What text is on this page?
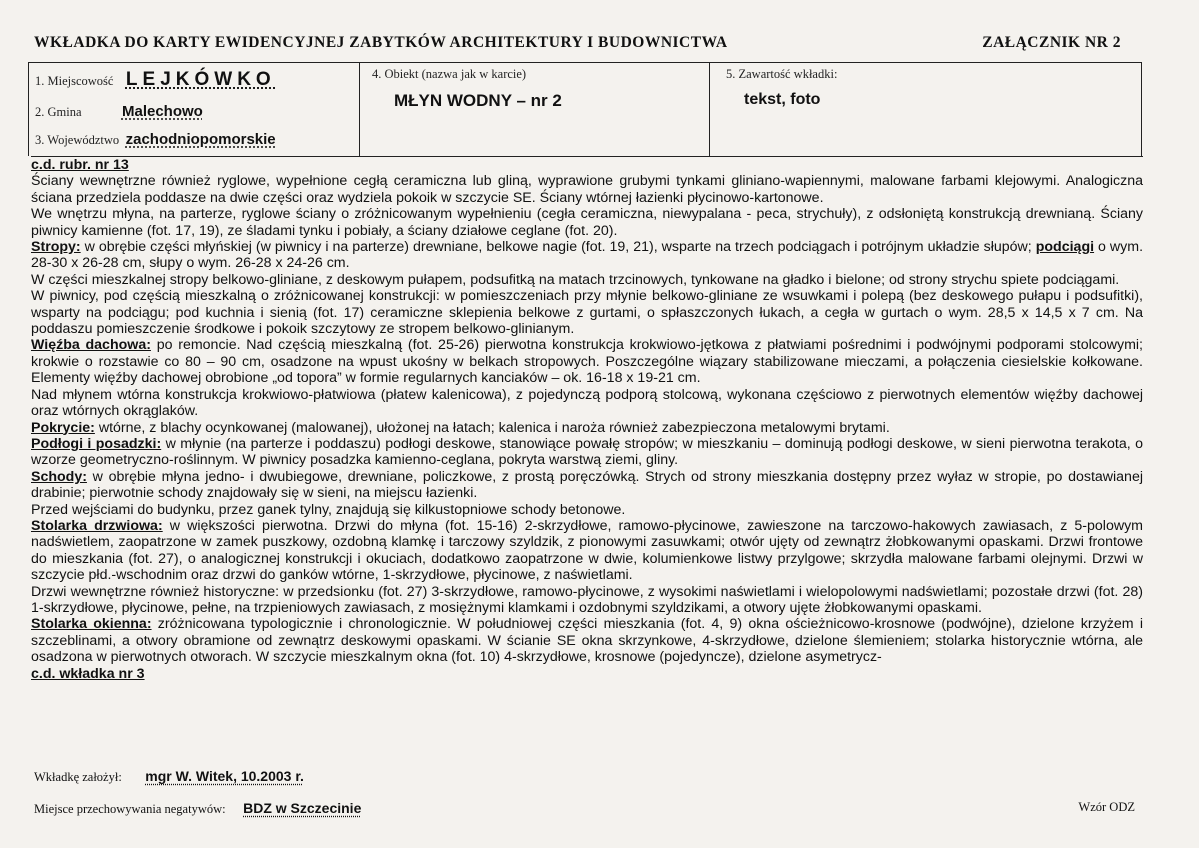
WKŁADKA DO KARTY EWIDENCYJNEJ ZABYTKÓW ARCHITEKTURY I BUDOWNICTWA	ZAŁĄCZNIK NR 2
1. Miejscowość LEJKÓWKO
2. Gmina	Malechowo
3. Województwo zachodniopomorskie
4. Obiekt (nazwa jak w karcie)
MŁYN WODNY – nr 2
5. Zawartość wkładki:
tekst, foto

c.d. rubr. nr 13

Ściany wewnętrzne również ryglowe, wypełnione cegłą ceramiczna lub gliną, wyprawione grubymi tynkami gliniano-wapiennymi, malowane farbami klejowymi. Analogiczna ściana przedziela poddasze na dwie części oraz wydziela pokoik w szczycie SE. Ściany wtórnej łazienki płycinowo-kartonowe.

We wnętrzu młyna, na parterze, ryglowe ściany o zróżnicowanym wypełnieniu (cegła ceramiczna, niewypalana - peca, strychuły), z odsłoniętą konstrukcją drewnianą. Ściany piwnicy kamienne (fot. 17, 19), ze śladami tynku i pobiały, a ściany działowe ceglane (fot. 20).

Stropy: w obrębie części młyńskiej (w piwnicy i na parterze) drewniane, belkowe nagie (fot. 19, 21), wsparte na trzech podciągach i potrójnym układzie słupów; podciągi o wym. 28-30 x 26-28 cm, słupy o wym. 26-28 x 24-26 cm.

W części mieszkalnej stropy belkowo-gliniane, z deskowym pułapem, podsufitką na matach trzcinowych, tynkowane na gładko i bielone; od strony strychu spiete podciągami.

W piwnicy, pod częścią mieszkalną o zróżnicowanej konstrukcji: w pomieszczeniach przy młynie belkowo-gliniane ze wsuwkami i polepą (bez deskowego pułapu i podsufitki), wsparty na podciągu; pod kuchnia i sienią (fot. 17) ceramiczne sklepienia belkowe z gurtami, o spłaszczonych łukach, a cegła w gurtach o wym. 28,5 x 14,5 x 7 cm. Na poddaszu pomieszczenie środkowe i pokoik szczytowy ze stropem belkowo-glinianym.

Więźba dachowa: po remoncie. Nad częścią mieszkalną (fot. 25-26) pierwotna konstrukcja krokwiowo-jętkowa z płatwiami pośrednimi i podwójnymi podporami stolcowymi; krokwie o rozstawie co 80 – 90 cm, osadzone na wpust ukośny w belkach stropowych. Poszczególne wiązary stabilizowane mieczami, a połączenia ciesielskie kołkowane. Elementy więźby dachowej obrobione „od topora” w formie regularnych kanciaków – ok. 16-18 x 19-21 cm.

Nad młynem wtórna konstrukcja krokwiowo-płatwiowa (płatew kalenicowa), z pojedynczą podporą stolcową, wykonana częściowo z pierwotnych elementów więźby dachowej oraz wtórnych okrąglaków.

Pokrycie: wtórne, z blachy ocynkowanej (malowanej), ułożonej na łatach; kalenica i naroża również zabezpieczona metalowymi brytami.

Podłogi i posadzki: w młynie (na parterze i poddaszu) podłogi deskowe, stanowiące powałę stropów; w mieszkaniu – dominują podłogi deskowe, w sieni pierwotna terakota, o wzorze geometryczno-roślinnym. W piwnicy posadzka kamienno-ceglana, pokryta warstwą ziemi, gliny.

Schody: w obrębie młyna jedno- i dwubiegowe, drewniane, policzkowe, z prostą poręczówką. Strych od strony mieszkania dostępny przez wyłaz w stropie, po dostawianej drabinie; pierwotnie schody znajdowały się w sieni, na miejscu łazienki.

Przed wejściami do budynku, przez ganek tylny, znajdują się kilkustopniowe schody betonowe.

Stolarka drzwiowa: w większości pierwotna. Drzwi do młyna (fot. 15-16) 2-skrzydłowe, ramowo-płycinowe, zawieszone na tarczowo-hakowych zawiasach, z 5-polowym nadświetlem, zaopatrzone w zamek puszkowy, ozdobną klamkę i tarczowy szyldzik, z pionowymi zasuwkami; otwór ujęty od zewnątrz żłobkowanymi opaskami. Drzwi frontowe do mieszkania (fot. 27), o analogicznej konstrukcji i okuciach, dodatkowo zaopatrzone w dwie, kolumienkowe listwy przylgowe; skrzydła malowane farbami olejnymi. Drzwi w szczycie płd.-wschodnim oraz drzwi do ganków wtórne, 1-skrzydłowe, płycinowe, z naświetlami.

Drzwi wewnętrzne również historyczne: w przedsionku (fot. 27) 3-skrzydłowe, ramowo-płycinowe, z wysokimi naświetlami i wielopolowymi nadświetlami; pozostałe drzwi (fot. 28) 1-skrzydłowe, płycinowe, pełne, na trzpieniowych zawiasach, z mosiężnymi klamkami i ozdobnymi szyldzikami, a otwory ujęte żłobkowanymi opaskami.

Stolarka okienna: zróżnicowana typologicznie i chronologicznie. W południowej części mieszkania (fot. 4, 9) okna ościeżnicowo-krosnowe (podwójne), dzielone krzyżem i szczeblinami, a otwory obramione od zewnątrz deskowymi opaskami. W ścianie SE okna skrzynkowe, 4-skrzydłowe, dzielone ślemieniem; stolarka historycznie wtórna, ale osadzona w pierwotnych otworach. W szczycie mieszkalnym okna (fot. 10) 4-skrzydłowe, krosnowe (pojedyncze), dzielone asymetrycz-

c.d. wkładka nr 3

Wkładkę założył: mgr W. Witek, 10.2003 r.
Miejsce przechowywania negatywów: BDZ w Szczecinie	Wzór ODZ
